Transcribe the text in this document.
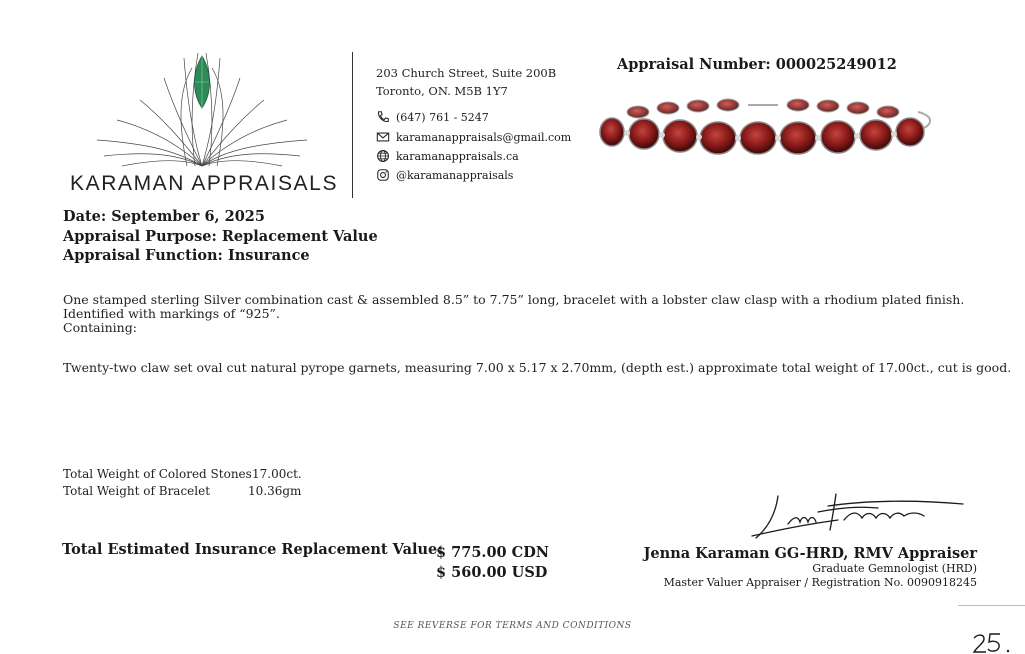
KARAMAN APPRAISALS
203 Church Street, Suite 200B
Toronto, ON. M5B 1Y7
(647) 761 - 5247
karamanappraisals@gmail.com
karamanappraisals.ca
@karamanappraisals
Appraisal Number: 000025249012
Date: September 6, 2025
Appraisal Purpose: Replacement Value
Appraisal Function: Insurance
One stamped sterling Silver combination cast & assembled 8.5” to 7.75” long, bracelet with a lobster claw clasp with a rhodium plated finish. Identified with markings of “925”.
Containing:
Twenty-two claw set oval cut natural pyrope garnets, measuring 7.00 x 5.17 x 2.70mm, (depth est.) approximate total weight of 17.00ct., cut is good.
Total Weight of Colored Stones 17.00ct.
Total Weight of Bracelet	10.36gm
Total Estimated Insurance Replacement Value:
$ 775.00 CDN
$ 560.00 USD
Jenna Karaman GG-HRD, RMV Appraiser
Graduate Gemnologist (HRD)
Master Valuer Appraiser / Registration No. 0090918245
SEE REVERSE FOR TERMS AND CONDITIONS
